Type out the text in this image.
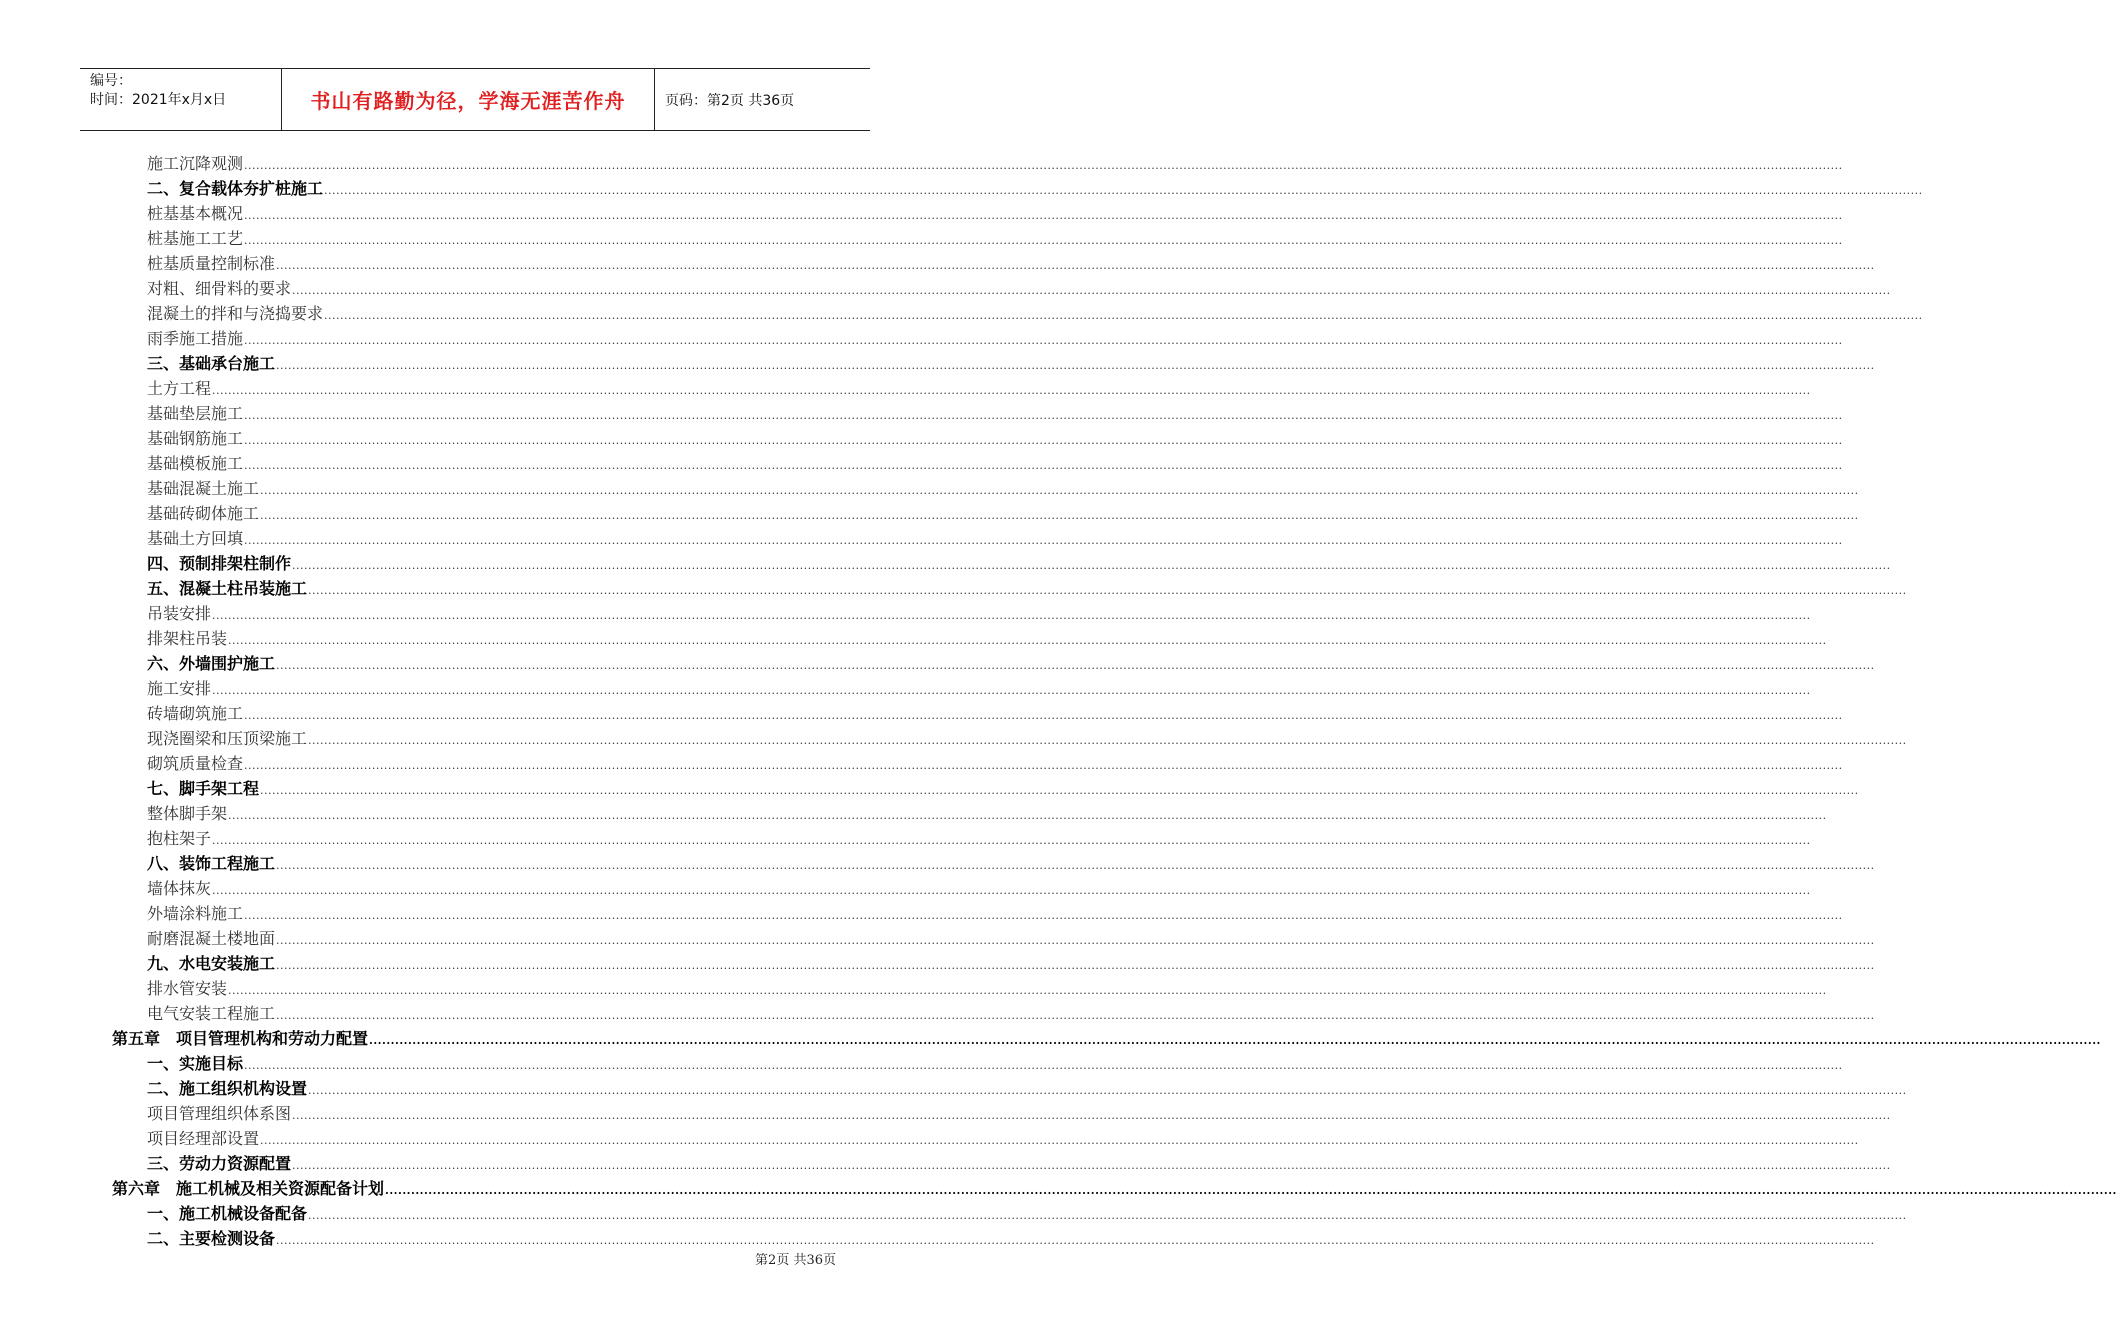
编号：
时间：2021年x月x日	书山有路勤为径，学海无涯苦作舟	页码：第2页 共36页
施工沉降观测 ................................................................................................................................................................................................................................................................................................................................................................................................................
二、复合载体夯扩桩施工 ................................................................................................................................................................................................................................................................................................................................................................................................................
桩基基本概况 ................................................................................................................................................................................................................................................................................................................................................................................................................
桩基施工工艺 ................................................................................................................................................................................................................................................................................................................................................................................................................
桩基质量控制标准 ................................................................................................................................................................................................................................................................................................................................................................................................................
对粗、细骨料的要求 ................................................................................................................................................................................................................................................................................................................................................................................................................
混凝土的拌和与浇捣要求 ................................................................................................................................................................................................................................................................................................................................................................................................................
雨季施工措施 ................................................................................................................................................................................................................................................................................................................................................................................................................
三、基础承台施工 ................................................................................................................................................................................................................................................................................................................................................................................................................
土方工程 ................................................................................................................................................................................................................................................................................................................................................................................................................
基础垫层施工 ................................................................................................................................................................................................................................................................................................................................................................................................................
基础钢筋施工 ................................................................................................................................................................................................................................................................................................................................................................................................................
基础模板施工 ................................................................................................................................................................................................................................................................................................................................................................................................................
基础混凝土施工 ................................................................................................................................................................................................................................................................................................................................................................................................................
基础砖砌体施工 ................................................................................................................................................................................................................................................................................................................................................................................................................
基础土方回填 ................................................................................................................................................................................................................................................................................................................................................................................................................
四、预制排架柱制作 ................................................................................................................................................................................................................................................................................................................................................................................................................
五、混凝土柱吊装施工 ................................................................................................................................................................................................................................................................................................................................................................................................................
吊装安排 ................................................................................................................................................................................................................................................................................................................................................................................................................
排架柱吊装 ................................................................................................................................................................................................................................................................................................................................................................................................................
六、外墙围护施工 ................................................................................................................................................................................................................................................................................................................................................................................................................
施工安排 ................................................................................................................................................................................................................................................................................................................................................................................................................
砖墙砌筑施工 ................................................................................................................................................................................................................................................................................................................................................................................................................
现浇圈梁和压顶梁施工 ................................................................................................................................................................................................................................................................................................................................................................................................................
砌筑质量检查 ................................................................................................................................................................................................................................................................................................................................................................................................................
七、脚手架工程 ................................................................................................................................................................................................................................................................................................................................................................................................................
整体脚手架 ................................................................................................................................................................................................................................................................................................................................................................................................................
抱柱架子 ................................................................................................................................................................................................................................................................................................................................................................................................................
八、装饰工程施工 ................................................................................................................................................................................................................................................................................................................................................................................................................
墙体抹灰 ................................................................................................................................................................................................................................................................................................................................................................................................................
外墙涂料施工 ................................................................................................................................................................................................................................................................................................................................................................................................................
耐磨混凝土楼地面 ................................................................................................................................................................................................................................................................................................................................................................................................................
九、水电安装施工 ................................................................................................................................................................................................................................................................................................................................................................................................................
排水管安装 ................................................................................................................................................................................................................................................................................................................................................................................................................
电气安装工程施工 ................................................................................................................................................................................................................................................................................................................................................................................................................
第五章　项目管理机构和劳动力配置 ................................................................................................................................................................................................................................................................................................................................................................................................................
一、实施目标 ................................................................................................................................................................................................................................................................................................................................................................................................................
二、施工组织机构设置 ................................................................................................................................................................................................................................................................................................................................................................................................................
项目管理组织体系图 ................................................................................................................................................................................................................................................................................................................................................................................................................
项目经理部设置 ................................................................................................................................................................................................................................................................................................................................................................................................................
三、劳动力资源配置 ................................................................................................................................................................................................................................................................................................................................................................................................................
第六章　施工机械及相关资源配备计划 ................................................................................................................................................................................................................................................................................................................................................................................................................
一、施工机械设备配备 ................................................................................................................................................................................................................................................................................................................................................................................................................
二、主要检测设备 ................................................................................................................................................................................................................................................................................................................................................................................................................
第2页 共36页
